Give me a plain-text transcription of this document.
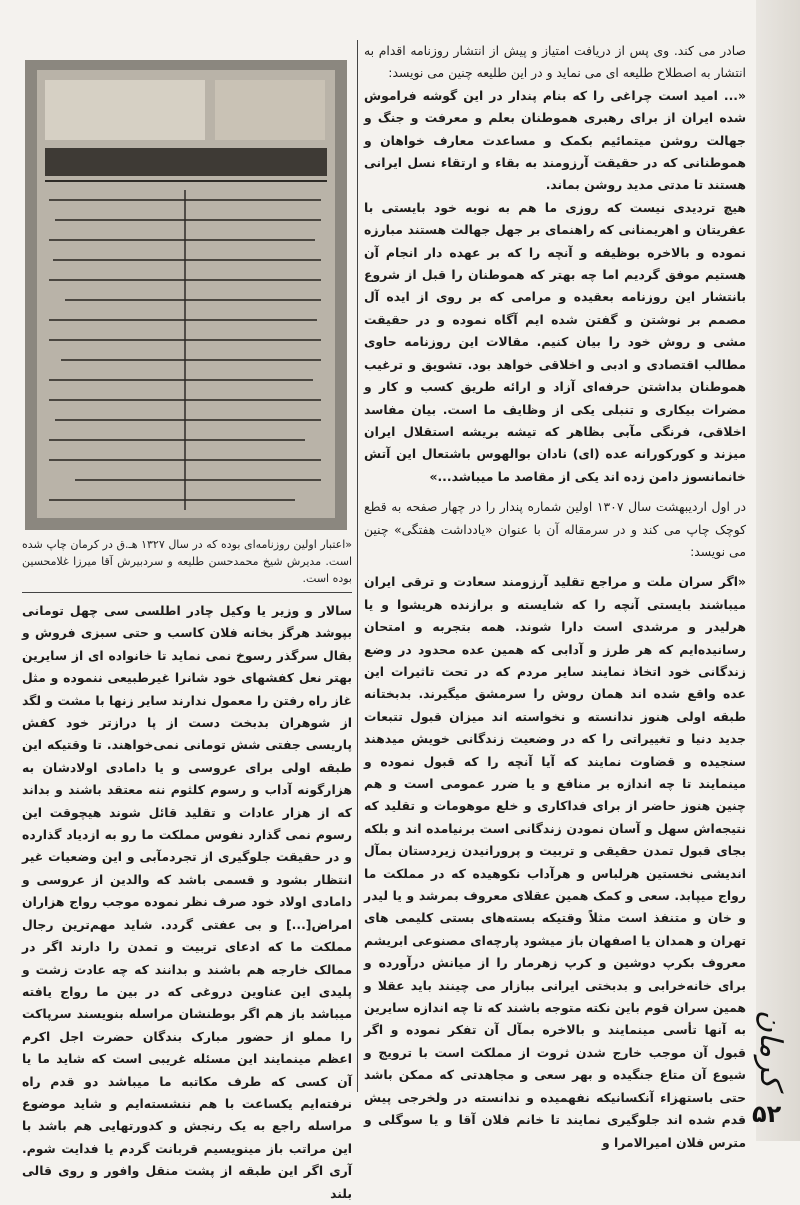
«اعتبار اولین روزنامه‌ای بوده که در سال ۱۳۲۷ هـ.ق در کرمان چاپ شده است. مدیرش شیخ محمدحسن طلیعه و سردبیرش آقا میرزا غلامحسین بوده است.

صادر می کند. وی پس از دریافت امتیاز و پیش از انتشار روزنامه اقدام به انتشار به اصطلاح طلیعه ای می نماید و در این طلیعه چنین می نویسد:

«... امید است چراغی را که بنام پندار در این گوشه فراموش شده ایران از برای رهبری هموطنان بعلم و معرفت و جنگ و جهالت روشن میتمائیم بکمک و مساعدت معارف خواهان و هموطنانی که در حقیقت آرزومند به بقاء و ارتقاء نسل ایرانی هستند تا مدتی مدید روشن بماند.

هیچ تردیدی نیست که روزی ما هم به نوبه خود بایستی با عفریتان و اهریمنانی که راهنمای بر جهل جهالت هستند مبارزه نموده و بالاخره بوظیفه و آنچه را که بر عهده دار انجام آن هستیم موفق گردیم اما چه بهتر که هموطنان را قبل از شروع بانتشار این روزنامه بعقیده و مرامی که بر روی از ایده آل مصمم بر نوشتن و گفتن شده ایم آگاه نموده و در حقیقت مشی و روش خود را بیان کنیم. مقالات این روزنامه حاوی مطالب اقتصادی و ادبی و اخلاقی خواهد بود. تشویق و ترغیب هموطنان بداشتن حرفه‌ای آزاد و ارائه طریق کسب و کار و مضرات بیکاری و تنبلی یکی از وظایف ما است. بیان مفاسد اخلاقی، فرنگی مآبی بظاهر که تیشه بریشه استقلال ایران میزند و کورکورانه عده (ای) نادان بوالهوس باشتعال این آتش خانمانسوز دامن زده اند یکی از مقاصد ما میباشد...»

در اول اردیبهشت سال ۱۳۰۷ اولین شماره پندار را در چهار صفحه به قطع کوچک چاپ می کند و در سرمقاله آن با عنوان «یادداشت هفتگی» چنین می نویسد:

«اگر سران ملت و مراجع تقلید آرزومند سعادت و ترقی ایران میباشند بایستی آنچه را که شایسته و برازنده هریشوا و یا هرلیدر و مرشدی است دارا شوند. همه بتجربه و امتحان رسانیده‌ایم که هر طرز و آدابی که همین عده محدود در وضع زندگانی خود اتخاذ نمایند سایر مردم که در تحت تاثیرات این عده واقع شده اند همان روش را سرمشق میگیرند. بدبختانه طبقه اولی هنوز ندانسته و نخواسته اند میزان قبول تتبعات جدید دنیا و تغییراتی را که در وضعیت زندگانی خویش میدهند سنجیده و قضاوت نمایند که آیا آنچه را که قبول نموده و مینمایند تا چه اندازه بر منافع و یا ضرر عمومی است و هم چنین هنوز حاضر از برای فداکاری و خلع موهومات و تقلید که نتیجه‌اش سهل و آسان نمودن زندگانی است برنیامده اند و بلکه بجای قبول تمدن حقیقی و تربیت و پرورانیدن زیردستان بمآل اندیشی نخستین هرلباس و هرآداب نکوهیده که در مملکت ما رواج میپابد. سعی و کمک همین عقلای معروف بمرشد و یا لیدر و خان و متنفذ است مثلاً وقتیکه بسته‌های بستی کلیمی های تهران و همدان یا اصفهان باز میشود پارچه‌ای مصنوعی ابریشم معروف بکرپ دوشین و کرپ زهرمار را از میانش درآورده و برای خانه‌خرابی و بدبختی ایرانی ببازار می چینند باید عقلا و همین سران قوم باین نکته متوجه باشند که تا چه اندازه سایرین به آنها تأسی مینمایند و بالاخره بمآل آن تفکر نموده و اگر قبول آن موجب خارج شدن ثروت از مملکت است با ترویج و شیوع آن متاع جنگیده و بهر سعی و مجاهدتی که ممکن باشد حتی باستهزاء آنکسانیکه نفهمیده و ندانسته در ولخرجی پیش قدم شده اند جلوگیری نمایند تا خانم فلان آقا و یا سوگلی و مترس فلان امیرالامرا و

سالار و وزیر یا وکیل چادر اطلسی سی چهل تومانی بپوشد هرگز بخانه فلان کاسب و حتی سبزی فروش و بقال سرگذر رسوخ نمی نماید تا خانواده ای از سایرین بهتر نعل کفشهای خود شانرا غیرطبیعی ننموده و مثل غاز راه رفتن را معمول ندارند سایر زنها با مشت و لگد از شوهران بدبخت دست از پا درازتر خود کفش پاریسی جفتی شش تومانی نمی‌خواهند. تا وقتیکه این طبقه اولی برای عروسی و یا دامادی اولادشان به هزارگونه آداب و رسوم کلثوم ننه معتقد باشند و بداند که از هزار عادات و تقلید قائل شوند هیچوقت این رسوم نمی گذارد نفوس مملکت ما رو به ازدیاد گذارده و در حقیقت جلوگیری از تجردمآبی و این وضعیات غیر انتظار بشود و قسمی باشد که والدین از عروسی و دامادی اولاد خود صرف نظر نموده موجب رواج هزاران امراض[...] و بی عفتی گردد. شاید مهم‌ترین رجال مملکت ما که ادعای تربیت و تمدن را دارند اگر در ممالک خارجه هم باشند و بدانند که چه عادت زشت و پلیدی این عناوین دروغی که در بین ما رواج یافته میباشد باز هم اگر بوطنشان مراسله بنویسند سرپاکت را مملو از حضور مبارک بندگان حضرت اجل اکرم اعظم مینمایند این مسئله غریبی است که شاید ما یا آن کسی که طرف مکاتبه ما میباشد دو قدم راه نرفته‌ایم یکساعت با هم ننشسته‌ایم و شاید موضوع مراسله راجع به یک رنجش و کدورتهایی هم باشد با این مراتب باز مینویسیم قربانت گردم یا فدایت شوم. آری اگر این طبقه از پشت منقل وافور و روی قالی بلند

کرمان
۵۲
